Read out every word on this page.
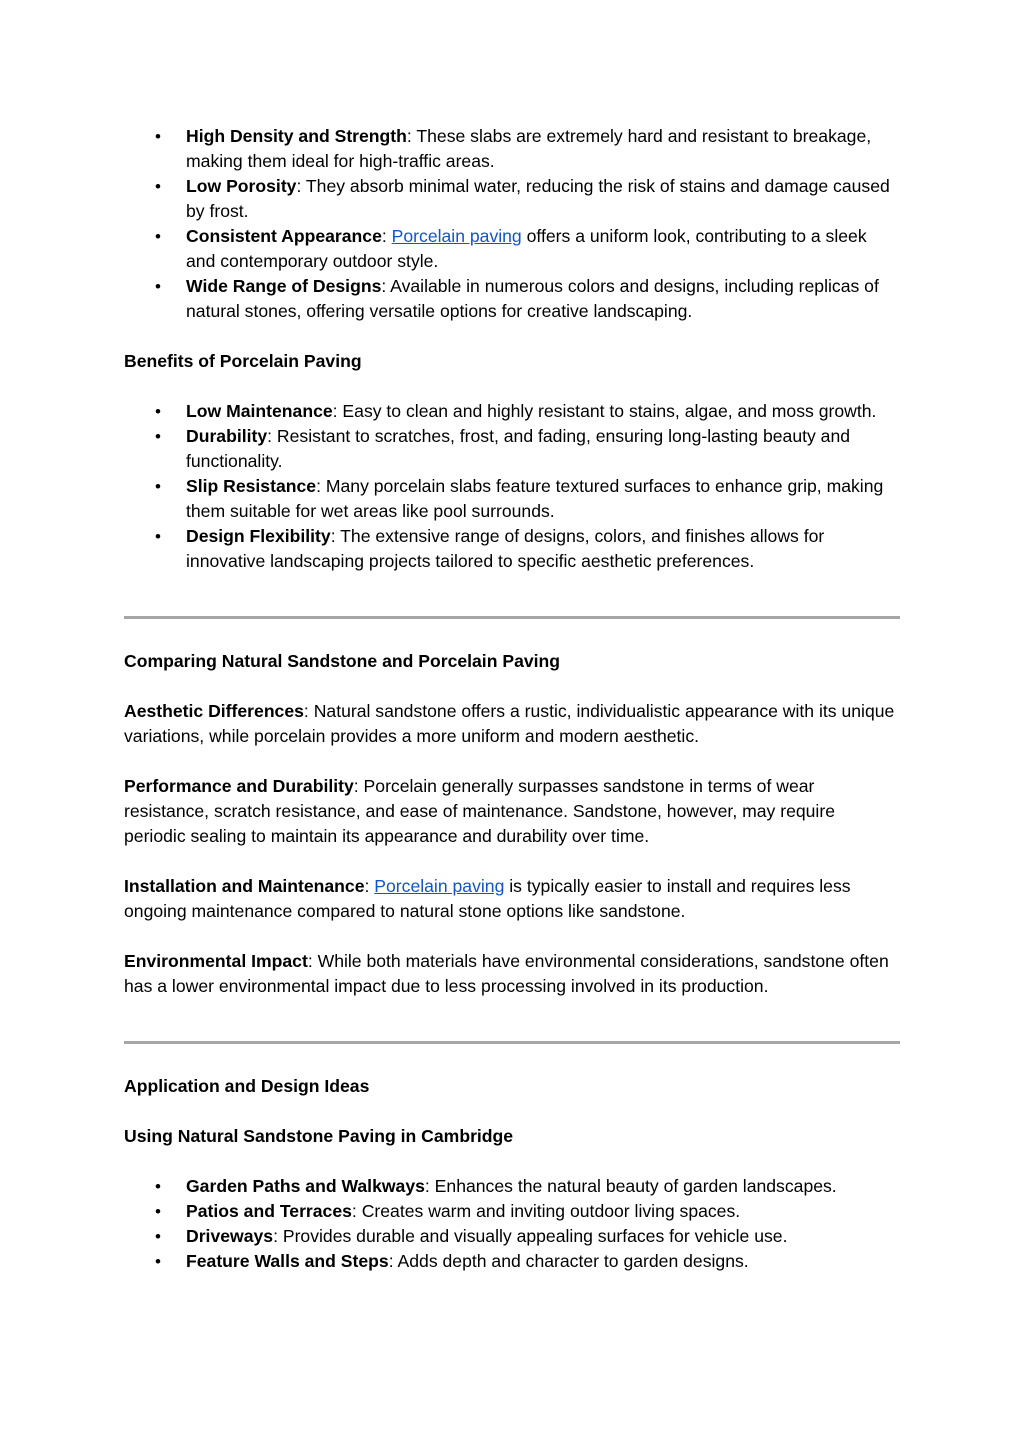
• High Density and Strength: These slabs are extremely hard and resistant to breakage, making them ideal for high-traffic areas.
• Low Porosity: They absorb minimal water, reducing the risk of stains and damage caused by frost.
• Consistent Appearance: Porcelain paving offers a uniform look, contributing to a sleek and contemporary outdoor style.
• Wide Range of Designs: Available in numerous colors and designs, including replicas of natural stones, offering versatile options for creative landscaping.

Benefits of Porcelain Paving

• Low Maintenance: Easy to clean and highly resistant to stains, algae, and moss growth.
• Durability: Resistant to scratches, frost, and fading, ensuring long-lasting beauty and functionality.
• Slip Resistance: Many porcelain slabs feature textured surfaces to enhance grip, making them suitable for wet areas like pool surrounds.
• Design Flexibility: The extensive range of designs, colors, and finishes allows for innovative landscaping projects tailored to specific aesthetic preferences.

Comparing Natural Sandstone and Porcelain Paving

Aesthetic Differences: Natural sandstone offers a rustic, individualistic appearance with its unique variations, while porcelain provides a more uniform and modern aesthetic.

Performance and Durability: Porcelain generally surpasses sandstone in terms of wear resistance, scratch resistance, and ease of maintenance. Sandstone, however, may require periodic sealing to maintain its appearance and durability over time.

Installation and Maintenance: Porcelain paving is typically easier to install and requires less ongoing maintenance compared to natural stone options like sandstone.

Environmental Impact: While both materials have environmental considerations, sandstone often has a lower environmental impact due to less processing involved in its production.

Application and Design Ideas

Using Natural Sandstone Paving in Cambridge

• Garden Paths and Walkways: Enhances the natural beauty of garden landscapes.
• Patios and Terraces: Creates warm and inviting outdoor living spaces.
• Driveways: Provides durable and visually appealing surfaces for vehicle use.
• Feature Walls and Steps: Adds depth and character to garden designs.
